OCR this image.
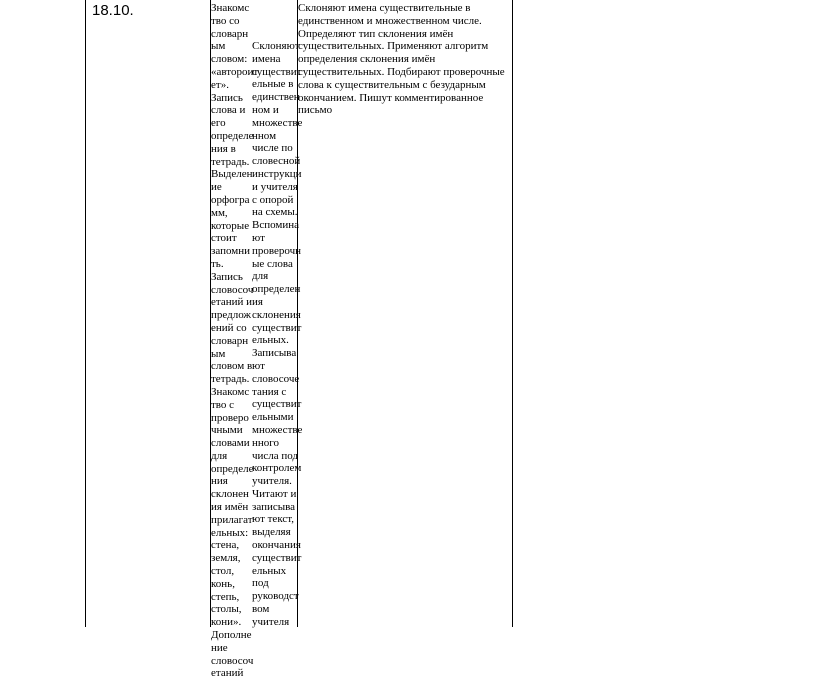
18.10.	Знакомс
тво со
словарн
ым
словом:
«автороит
ет».
Запись
слова и
его
определе
ния в
тетрадь.
Выделен
ие
орфогра
мм,
которые
стоит
запомни
ть.
Запись
словосоч
етаний и
предлож
ений со
словарн
ым
словом в
тетрадь.
Знакомс
тво с
проверо
чными
словами
для
определе
ния
склонен
ия имён
прилагат
ельных:
стена,
земля,
стол,
конь,
степь,
столы,
кони».
Дополне
ние
словосоч
етаний
Склоняют
имена
существит
ельные в
единствен
ном и
множестве
нном
числе по
словесной
инструкци
и учителя
с опорой
на схемы.
Вспомина
ют
проверочн
ые слова
для
определен
ия
склонения
существит
ельных.
Записыва
ют
словосоче
тания с
существит
ельными
множестве
нного
числа под
контролем
учителя.
Читают и
записыва
ют текст,
выделяя
окончания
существит
ельных
под
руководст
вом
учителя
Склоняют имена существительные в единственном и множественном числе. Определяют тип склонения имён существительных. Применяют алгоритм определения склонения имён существительных. Подбирают проверочные слова к существительным с безударным окончанием. Пишут комментированное письмо
